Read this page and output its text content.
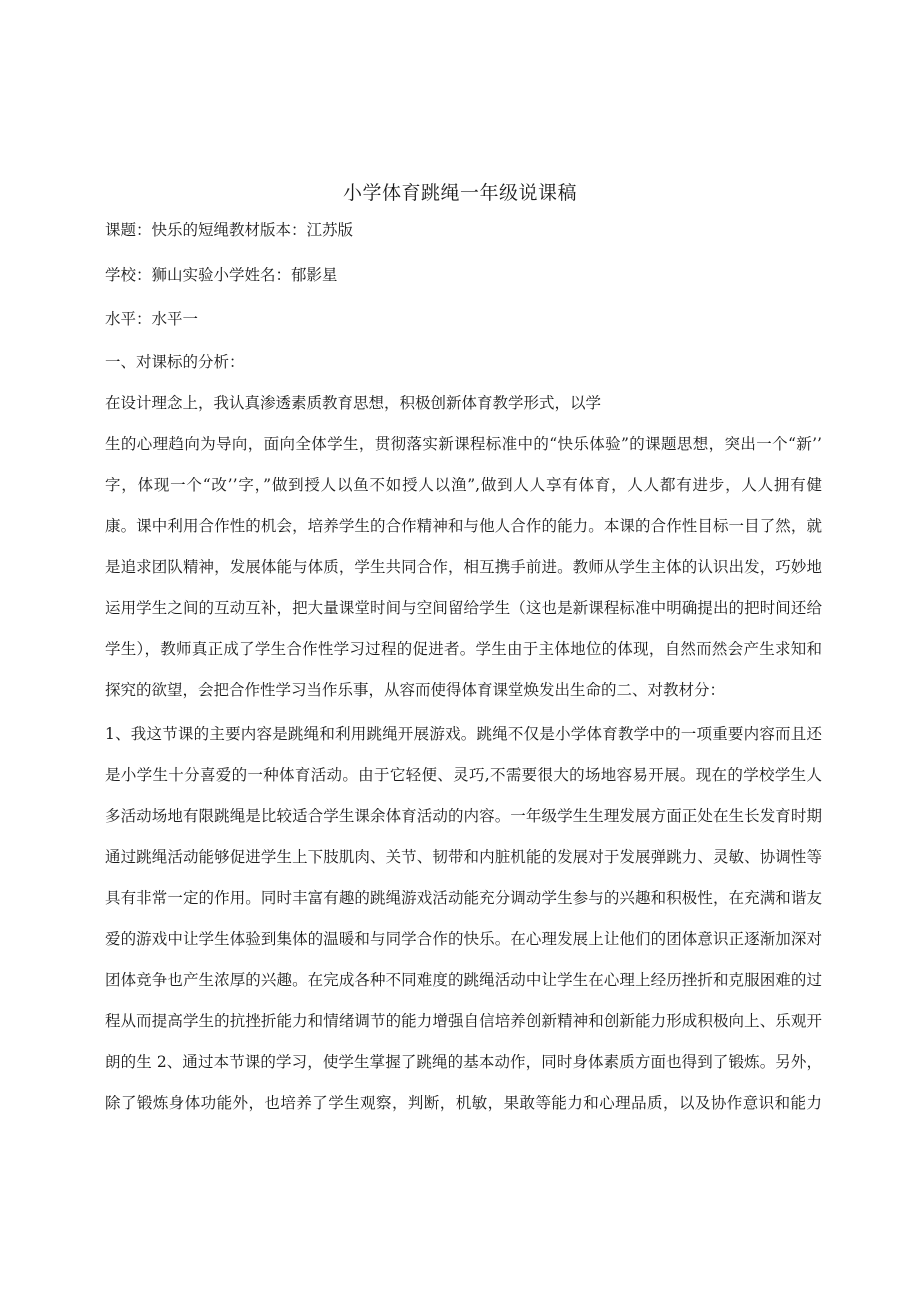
小学体育跳绳一年级说课稿

课题：快乐的短绳教材版本：江苏版

学校：狮山实验小学姓名：郁影星

水平：水平一

一、对课标的分析：

在设计理念上，我认真渗透素质教育思想，积极创新体育教学形式，以学

生的心理趋向为导向，面向全体学生，贯彻落实新课程标准中的“快乐体验”的课题思想，突出一个“新’’

字，体现一个“改’’字，”做到授人以鱼不如授人以渔”,做到人人享有体育，人人都有进步，人人拥有健

康。课中利用合作性的机会，培养学生的合作精神和与他人合作的能力。本课的合作性目标一目了然，就

是追求团队精神，发展体能与体质，学生共同合作，相互携手前进。教师从学生主体的认识出发，巧妙地

运用学生之间的互动互补，把大量课堂时间与空间留给学生（这也是新课程标准中明确提出的把时间还给

学生），教师真正成了学生合作性学习过程的促进者。学生由于主体地位的体现，自然而然会产生求知和

探究的欲望，会把合作性学习当作乐事，从容而使得体育课堂焕发出生命的二、对教材分：

1、我这节课的主要内容是跳绳和利用跳绳开展游戏。跳绳不仅是小学体育教学中的一项重要内容而且还

是小学生十分喜爱的一种体育活动。由于它轻便、灵巧,不需要很大的场地容易开展。现在的学校学生人

多活动场地有限跳绳是比较适合学生课余体育活动的内容。一年级学生生理发展方面正处在生长发育时期

通过跳绳活动能够促进学生上下肢肌肉、关节、韧带和内脏机能的发展对于发展弹跳力、灵敏、协调性等

具有非常一定的作用。同时丰富有趣的跳绳游戏活动能充分调动学生参与的兴趣和积极性，在充满和谐友

爱的游戏中让学生体验到集体的温暖和与同学合作的快乐。在心理发展上让他们的团体意识正逐渐加深对

团体竞争也产生浓厚的兴趣。在完成各种不同难度的跳绳活动中让学生在心理上经历挫折和克服困难的过

程从而提高学生的抗挫折能力和情绪调节的能力增强自信培养创新精神和创新能力形成积极向上、乐观开

朗的生 2、通过本节课的学习，使学生掌握了跳绳的基本动作，同时身体素质方面也得到了锻炼。另外，

除了锻炼身体功能外，也培养了学生观察，判断，机敏，果敢等能力和心理品质，以及协作意识和能力
